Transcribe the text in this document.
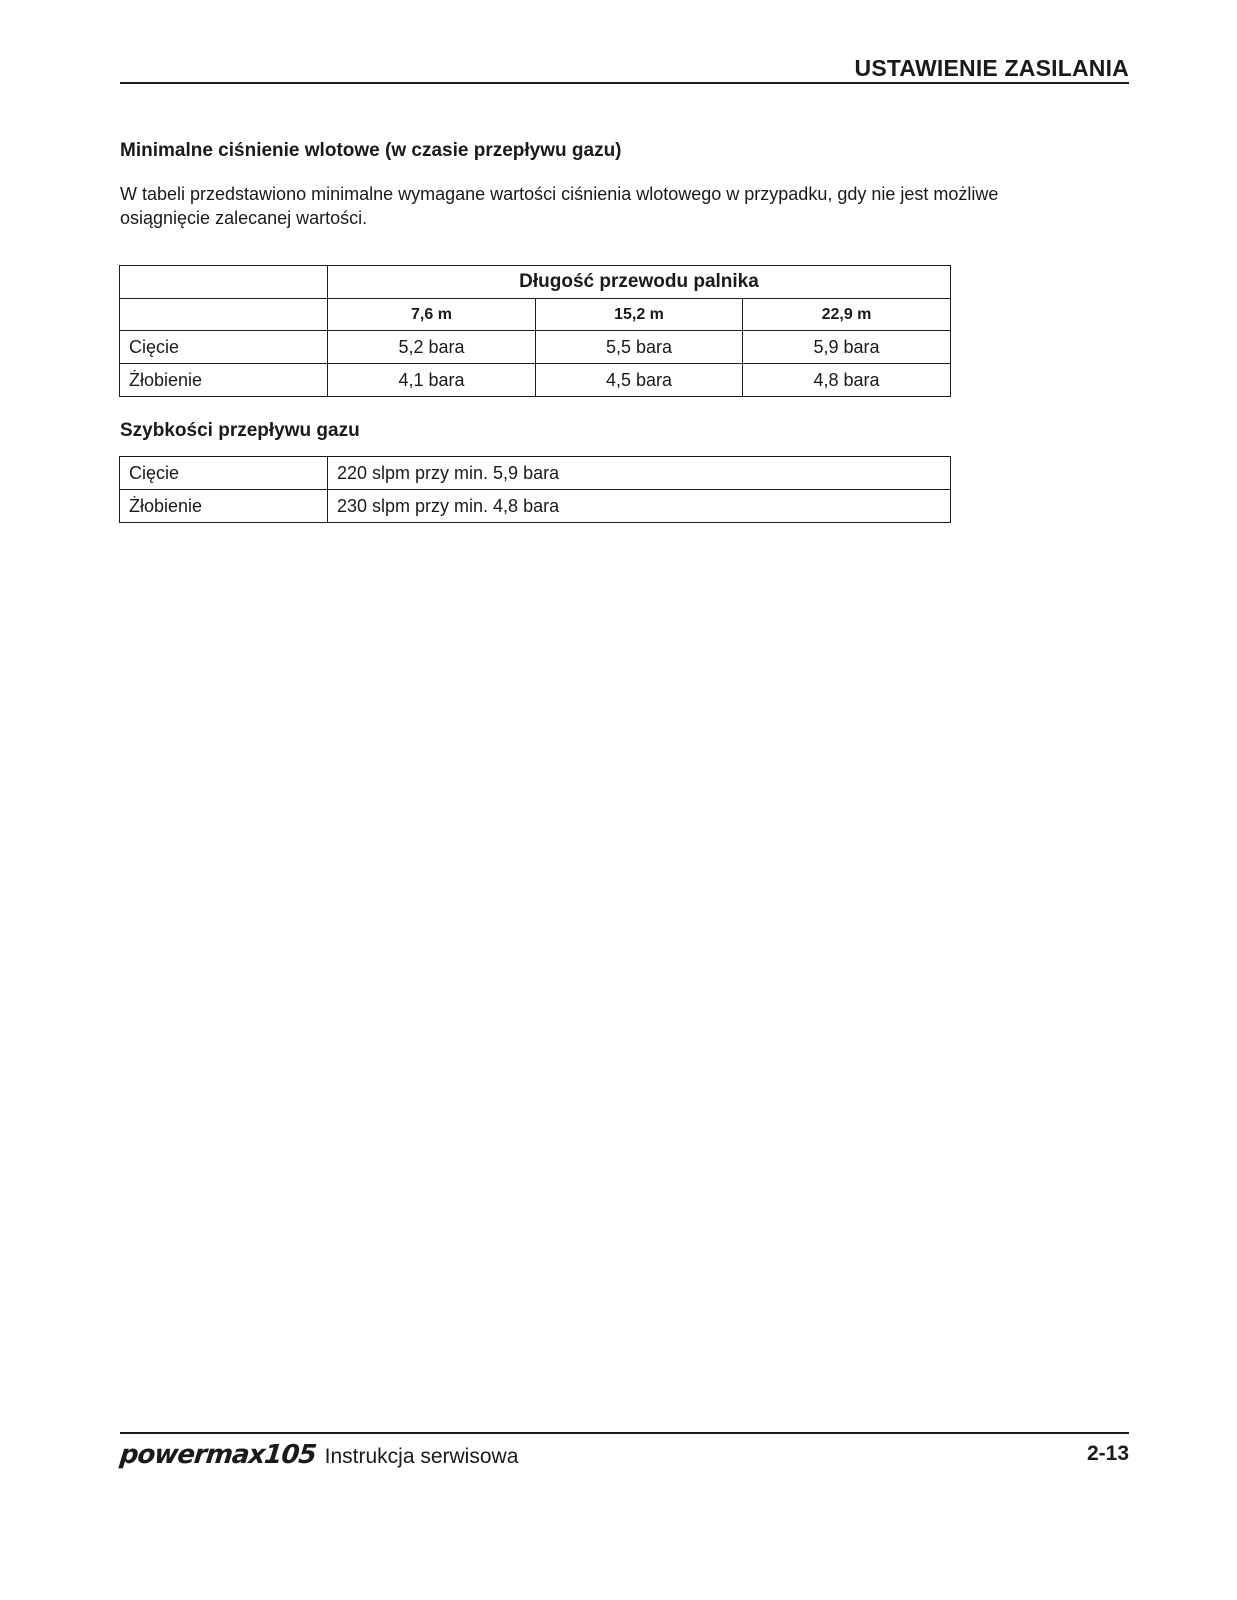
USTAWIENIE ZASILANIA
Minimalne ciśnienie wlotowe (w czasie przepływu gazu)
W tabeli przedstawiono minimalne wymagane wartości ciśnienia wlotowego w przypadku, gdy nie jest możliwe osiągnięcie zalecanej wartości.
	Długość przewodu palnika		
	7,6 m	15,2 m	22,9 m
Cięcie	5,2 bara	5,5 bara	5,9 bara
Żłobienie	4,1 bara	4,5 bara	4,8 bara
Szybkości przepływu gazu
Cięcie	220 slpm przy min. 5,9 bara
Żłobienie	230 slpm przy min. 4,8 bara
powermax105 Instrukcja serwisowa	2-13
